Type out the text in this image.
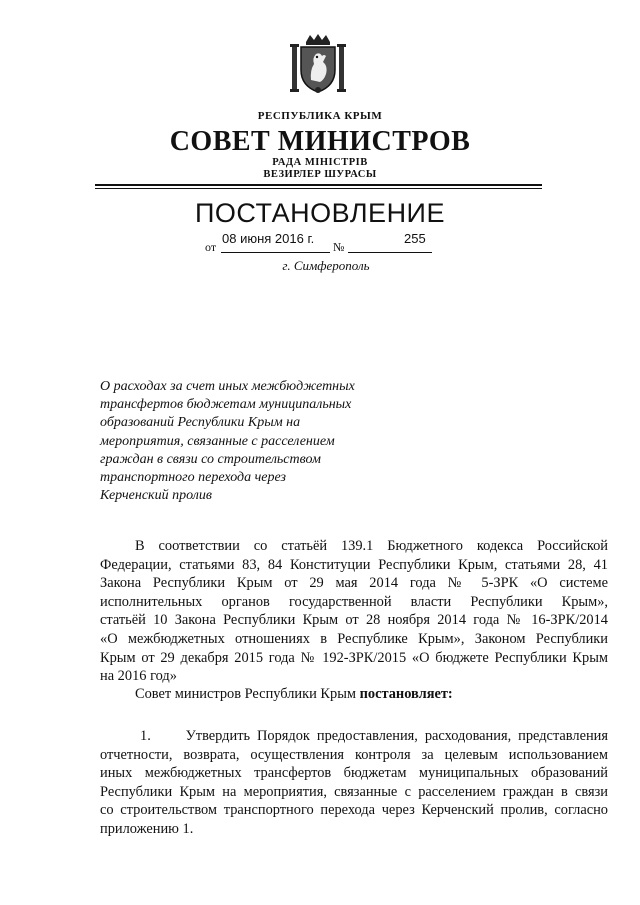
РЕСПУБЛИКА КРЫМ
СОВЕТ МИНИСТРОВ
РАДА МІНІСТРІВ
ВЕЗИРЛЕР ШУРАСЫ
ПОСТАНОВЛЕНИЕ
от
08 июня 2016 г.
№
255
г. Симферополь
О расходах за счет иных межбюджетных
трансфертов бюджетам муниципальных
образований Республики Крым на
мероприятия, связанные с расселением
граждан в связи со строительством
транспортного перехода через
Керченский пролив
В соответствии со статьёй 139.1 Бюджетного кодекса Российской
Федерации, статьями 83, 84 Конституции Республики Крым, статьями 28, 41
Закона Республики Крым от 29 мая 2014 года № 5-ЗРК «О системе
исполнительных органов государственной власти Республики Крым»,
статьёй 10 Закона Республики Крым от 28 ноября 2014 года № 16-ЗРК/2014
«О межбюджетных отношениях в Республике Крым», Законом Республики
Крым от 29 декабря 2015 года № 192-ЗРК/2015 «О бюджете Республики Крым
на 2016 год»
Совет министров Республики Крым постановляет:
1.     Утвердить Порядок предоставления, расходования, представления
отчетности, возврата, осуществления контроля за целевым использованием
иных межбюджетных трансфертов бюджетам муниципальных образований
Республики Крым на мероприятия, связанные с расселением граждан в связи
со строительством транспортного перехода через Керченский пролив, согласно
приложению 1.
